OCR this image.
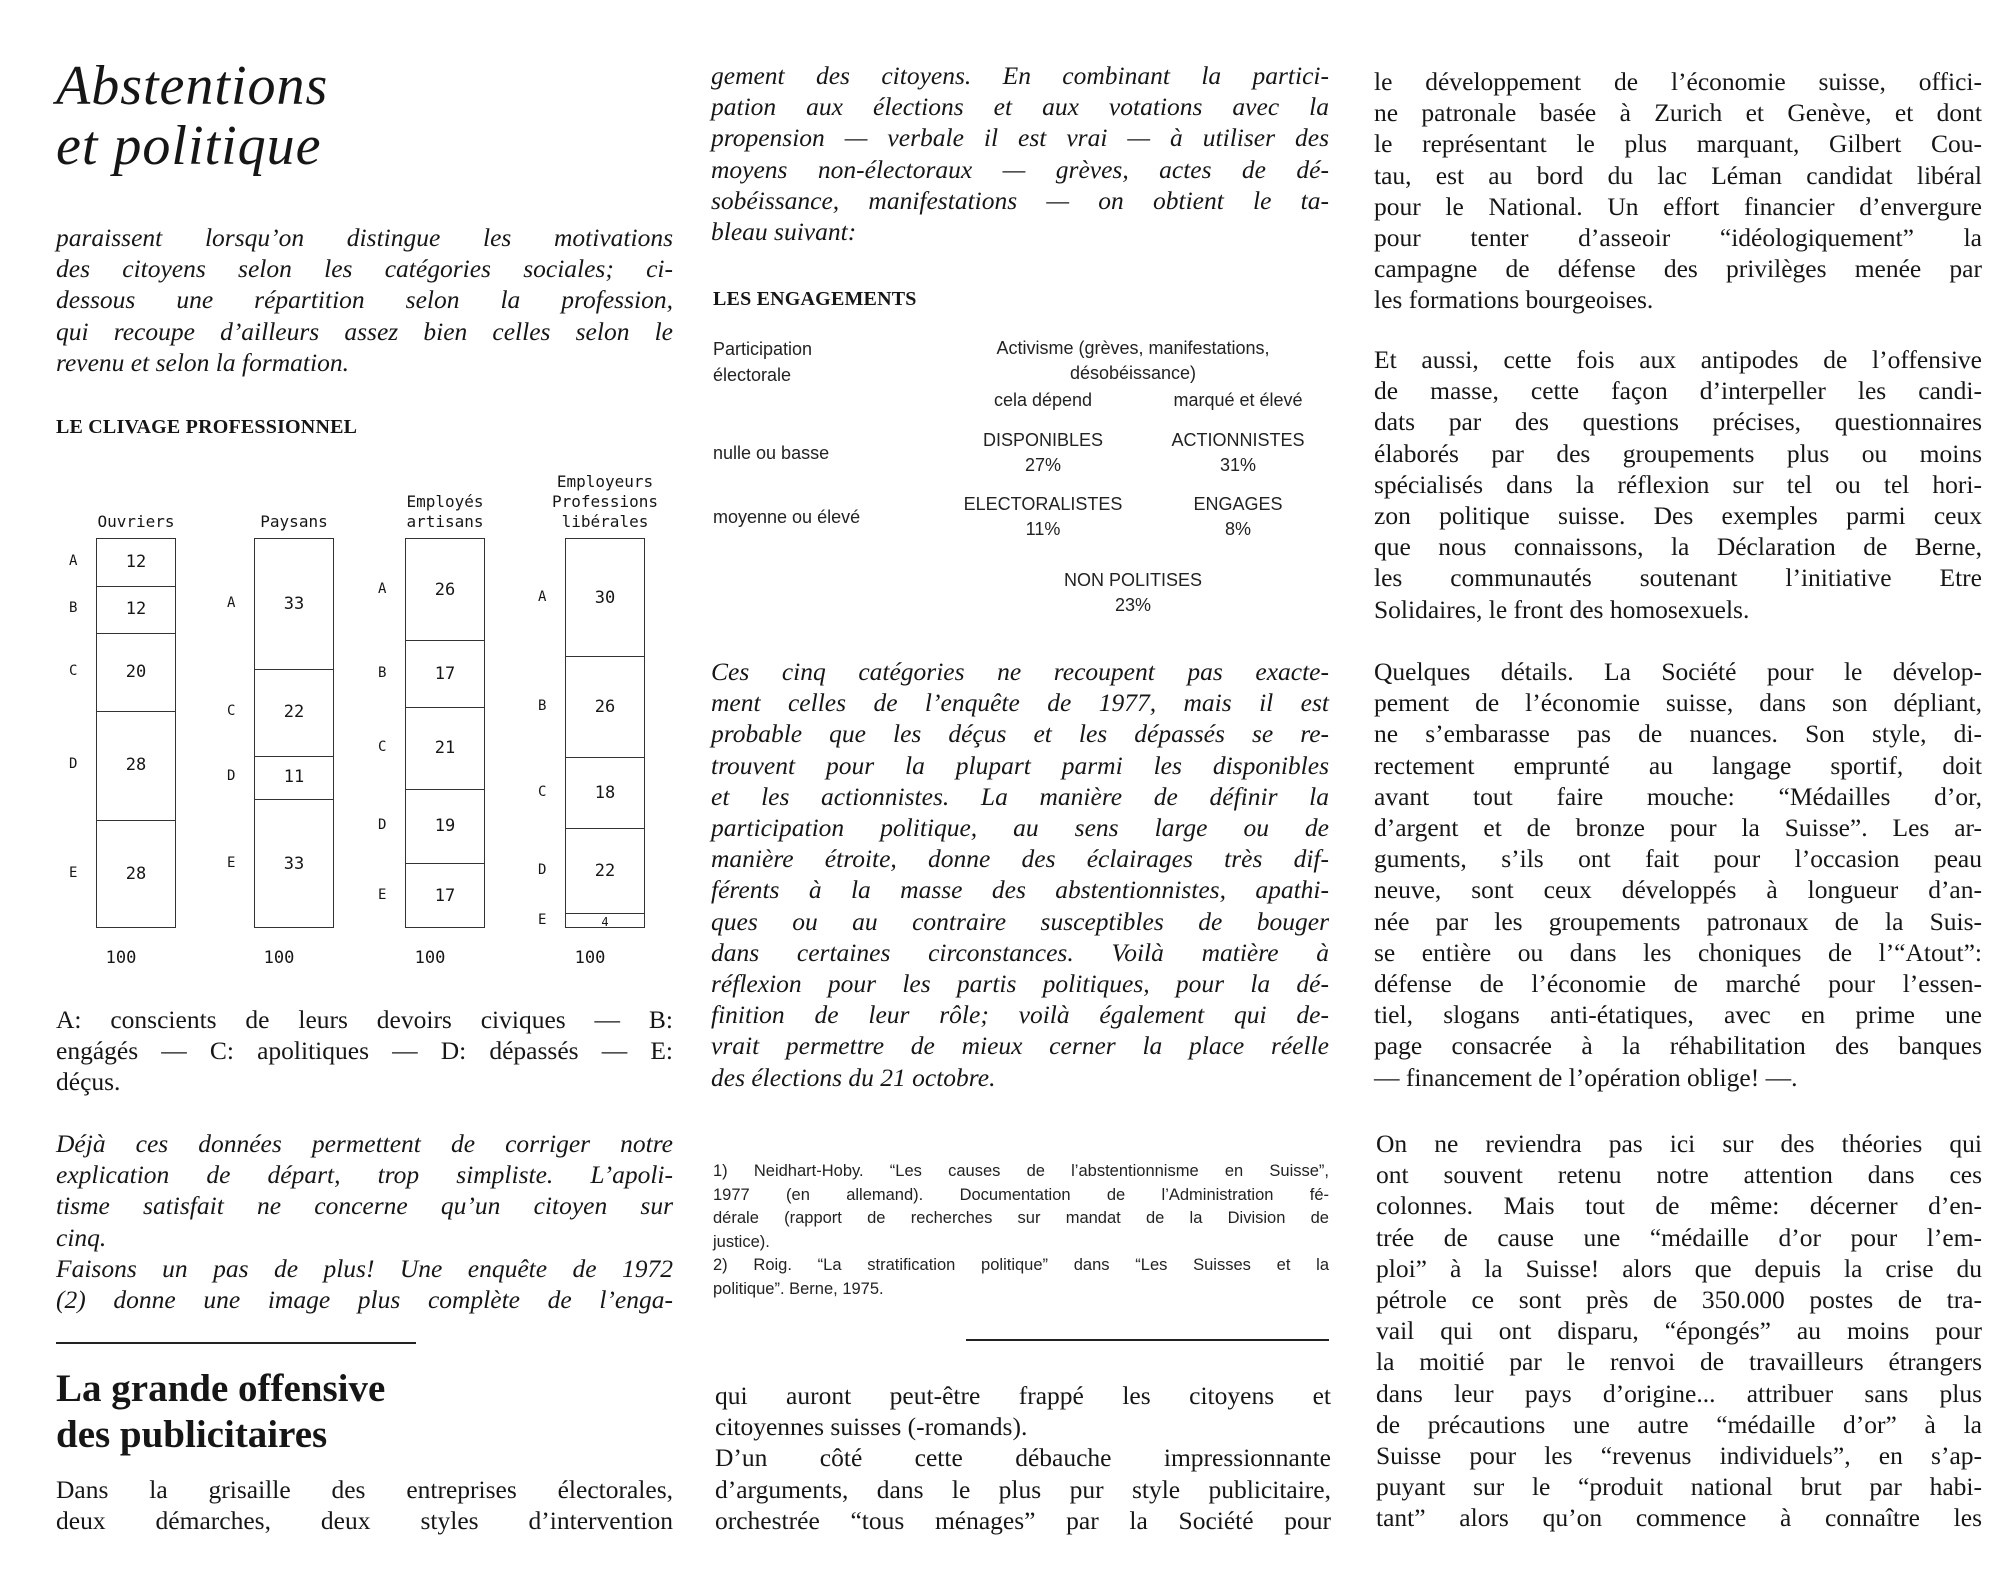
Abstentions
et politique

paraissent lorsqu’on distingue les motivations
des citoyens selon les catégories sociales; ci-
dessous une répartition selon la profession,
qui recoupe d’ailleurs assez bien celles selon le
revenu et selon la formation.

LE CLIVAGE PROFESSIONNEL
Ouvriers
12
12
20
28
28
A
B
C
D
E
100
Paysans
33
22
11
33
A
C
D
E
100
Employés
artisans
26
17
21
19
17
A
B
C
D
E
100
Employeurs
Professions
libérales
30
26
18
22
4
A
B
C
D
E
100

A: conscients de leurs devoirs civiques — B:
engágés — C: apolitiques — D: dépassés — E:
déçus.

Déjà ces données permettent de corriger notre
explication de départ, trop simpliste. L’apoli-
tisme satisfait ne concerne qu’un citoyen sur
cinq.
Faisons un pas de plus! Une enquête de 1972
(2) donne une image plus complète de l’enga-

La grande offensive
des publicitaires

Dans la grisaille des entreprises électorales,
deux démarches, deux styles d’intervention

gement des citoyens. En combinant la partici-
pation aux élections et aux votations avec la
propension — verbale il est vrai — à utiliser des
moyens non-électoraux — grèves, actes de dé-
sobéissance, manifestations — on obtient le ta-
bleau suivant:

LES ENGAGEMENTS
Participation
électorale
Activisme (grèves, manifestations,
désobéissance)
cela dépend	marqué et élevé
nulle ou basse
DISPONIBLES
27%
ACTIONNISTES
31%
moyenne ou élevé
ELECTORALISTES
11%
ENGAGES
8%
NON POLITISES
23%

Ces cinq catégories ne recoupent pas exacte-
ment celles de l’enquête de 1977, mais il est
probable que les déçus et les dépassés se re-
trouvent pour la plupart parmi les disponibles
et les actionnistes. La manière de définir la
participation politique, au sens large ou de
manière étroite, donne des éclairages très dif-
férents à la masse des abstentionnistes, apathi-
ques ou au contraire susceptibles de bouger
dans certaines circonstances. Voilà matière à
réflexion pour les partis politiques, pour la dé-
finition de leur rôle; voilà également qui de-
vrait permettre de mieux cerner la place réelle
des élections du 21 octobre.

1) Neidhart-Hoby. “Les causes de l’abstentionnisme en Suisse”,
1977 (en allemand). Documentation de l’Administration fé-
dérale (rapport de recherches sur mandat de la Division de
justice).
2) Roig. “La stratification politique” dans “Les Suisses et la
politique”. Berne, 1975.

qui auront peut-être frappé les citoyens et
citoyennes suisses (-romands).
D’un côté cette débauche impressionnante
d’arguments, dans le plus pur style publicitaire,
orchestrée “tous ménages” par la Société pour

le développement de l’économie suisse, offici-
ne patronale basée à Zurich et Genève, et dont
le représentant le plus marquant, Gilbert Cou-
tau, est au bord du lac Léman candidat libéral
pour le National. Un effort financier d’envergure
pour tenter d’asseoir “idéologiquement” la
campagne de défense des privilèges menée par
les formations bourgeoises.

Et aussi, cette fois aux antipodes de l’offensive
de masse, cette façon d’interpeller les candi-
dats par des questions précises, questionnaires
élaborés par des groupements plus ou moins
spécialisés dans la réflexion sur tel ou tel hori-
zon politique suisse. Des exemples parmi ceux
que nous connaissons, la Déclaration de Berne,
les communautés soutenant l’initiative Etre
Solidaires, le front des homosexuels.

Quelques détails. La Société pour le dévelop-
pement de l’économie suisse, dans son dépliant,
ne s’embarasse pas de nuances. Son style, di-
rectement emprunté au langage sportif, doit
avant tout faire mouche: “Médailles d’or,
d’argent et de bronze pour la Suisse”. Les ar-
guments, s’ils ont fait pour l’occasion peau
neuve, sont ceux développés à longueur d’an-
née par les groupements patronaux de la Suis-
se entière ou dans les choniques de l’“Atout”:
défense de l’économie de marché pour l’essen-
tiel, slogans anti-étatiques, avec en prime une
page consacrée à la réhabilitation des banques
— financement de l’opération oblige! —.

On ne reviendra pas ici sur des théories qui
ont souvent retenu notre attention dans ces
colonnes. Mais tout de même: décerner d’en-
trée de cause une “médaille d’or pour l’em-
ploi” à la Suisse! alors que depuis la crise du
pétrole ce sont près de 350.000 postes de tra-
vail qui ont disparu, “épongés” au moins pour
la moitié par le renvoi de travailleurs étrangers
dans leur pays d’origine... attribuer sans plus
de précautions une autre “médaille d’or” à la
Suisse pour les “revenus individuels”, en s’ap-
puyant sur le “produit national brut par habi-
tant” alors qu’on commence à connaître les
